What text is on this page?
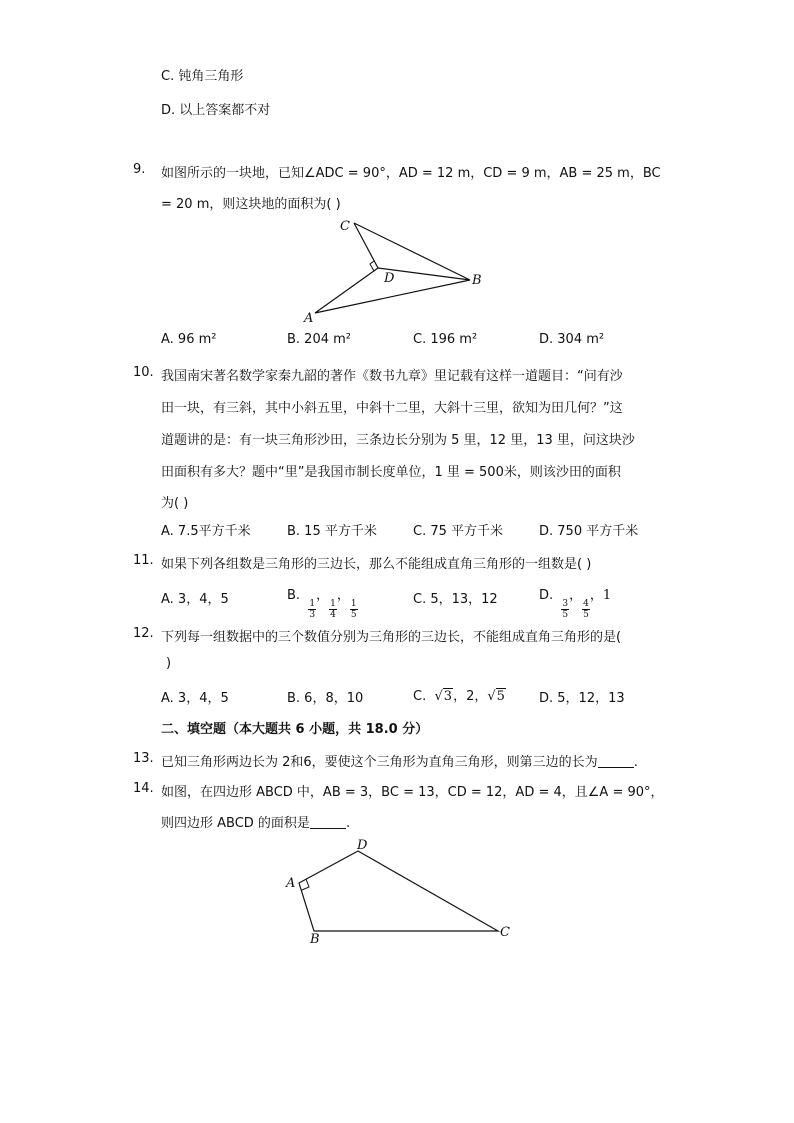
C. 钝角三角形
D. 以上答案都不对
9. 如图所示的一块地，已知∠ADC = 90°，AD = 12 m，CD = 9 m，AB = 25 m，BC
= 20 m，则这块地的面积为( )
C
D	B
A
A. 96 m²	B. 204 m²	C. 196 m²	D. 304 m²
10. 我国南宋著名数学家秦九韶的著作《数书九章》里记载有这样一道题目：“问有沙
田一块，有三斜，其中小斜五里，中斜十二里，大斜十三里，欲知为田几何？”这
道题讲的是：有一块三角形沙田，三条边长分别为 5 里，12 里，13 里，问这块沙
田面积有多大？题中“里”是我国市制长度单位，1 里 = 500米，则该沙田的面积
为( )
A. 7.5平方千米	B. 15 平方千米	C. 75 平方千米	D. 750 平方千米
11. 如果下列各组数是三角形的三边长，那么不能组成直角三角形的一组数是( )
A. 3，4，5	B.
$\frac{1}{3}$
，
$\frac{1}{4}$
，
$\frac{1}{5}$	C. 5，13，12	D.
$\frac{3}{5}$
，
$\frac{4}{5}$
，1
12. 下列每一组数据中的三个数值分别为三角形的三边长，不能组成直角三角形的是(
)
A. 3，4，5	B. 6，8，10	C. √3，2，√5	D. 5，12，13
二、填空题（本大题共 6 小题，共 18.0 分）
13. 已知三角形两边长为 2和6，要使这个三角形为直角三角形，则第三边的长为	.
14. 如图，在四边形 ABCD 中，AB = 3，BC = 13，CD = 12，AD = 4，且∠A = 90°，
则四边形 ABCD 的面积是	.
D
A
B	C
